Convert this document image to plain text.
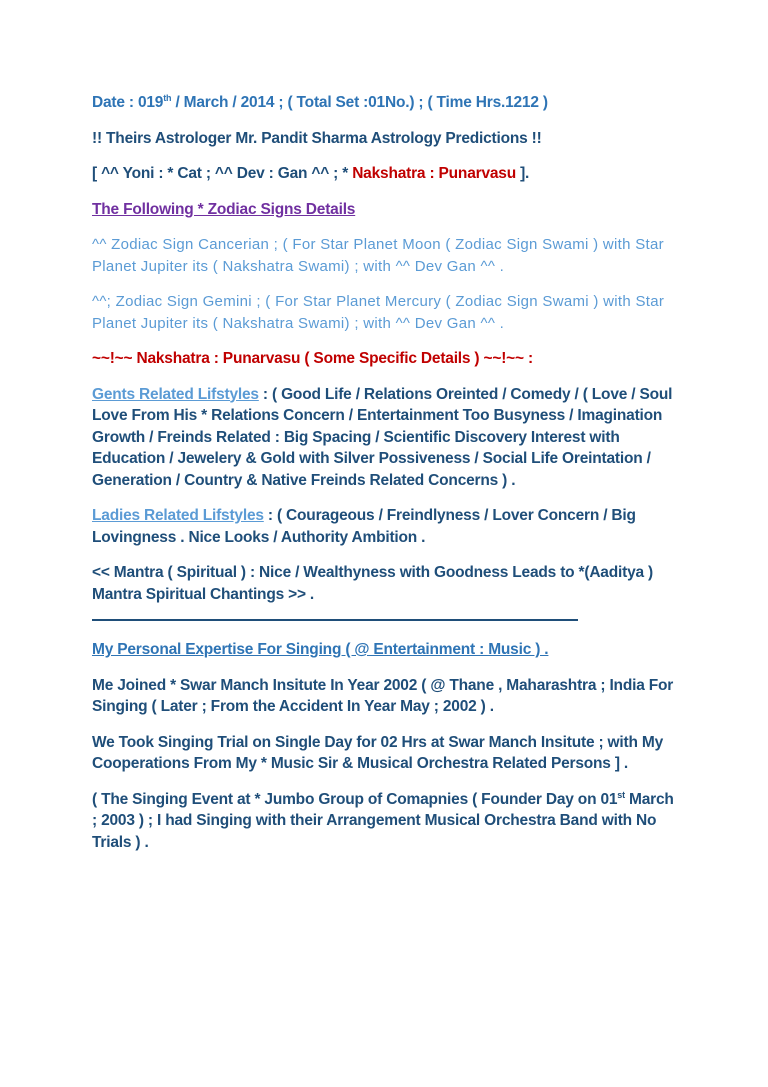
Date : 019th / March / 2014 ; ( Total Set :01No.) ; ( Time Hrs.1212 )

!! Theirs Astrologer Mr. Pandit Sharma Astrology Predictions !!

[ ^^ Yoni : * Cat ; ^^ Dev : Gan ^^ ; * Nakshatra : Punarvasu ].

The Following * Zodiac Signs Details

^^ Zodiac Sign Cancerian ; ( For Star Planet Moon ( Zodiac Sign Swami ) with Star Planet Jupiter its ( Nakshatra Swami) ; with ^^ Dev Gan ^^ .

^^; Zodiac Sign Gemini ; ( For Star Planet Mercury ( Zodiac Sign Swami ) with Star Planet Jupiter its ( Nakshatra Swami) ; with ^^ Dev Gan ^^ .

~~!~~ Nakshatra : Punarvasu ( Some Specific Details ) ~~!~~ :

Gents Related Lifstyles : ( Good Life / Relations Oreinted / Comedy / ( Love / Soul Love From His * Relations Concern / Entertainment Too Busyness / Imagination Growth / Freinds Related : Big Spacing / Scientific Discovery Interest with Education / Jewelery & Gold with Silver Possiveness / Social Life Oreintation / Generation / Country & Native Freinds Related Concerns ) .

Ladies Related Lifstyles : ( Courageous / Freindlyness / Lover Concern / Big Lovingness . Nice Looks / Authority Ambition .

<< Mantra ( Spiritual ) : Nice / Wealthyness with Goodness Leads to *(Aaditya ) Mantra Spiritual Chantings >> .

My Personal Expertise For Singing ( @ Entertainment : Music ) .

Me Joined * Swar Manch Insitute In Year 2002 ( @ Thane , Maharashtra ; India For Singing ( Later ; From the Accident In Year May ; 2002 ) .

We Took Singing Trial on Single Day for 02 Hrs at Swar Manch Insitute ; with My Cooperations From My * Music Sir & Musical Orchestra Related Persons ] .

( The Singing Event at * Jumbo Group of Comapnies ( Founder Day on 01st March ; 2003 ) ; I had Singing with their Arrangement Musical Orchestra Band with No Trials ) .
